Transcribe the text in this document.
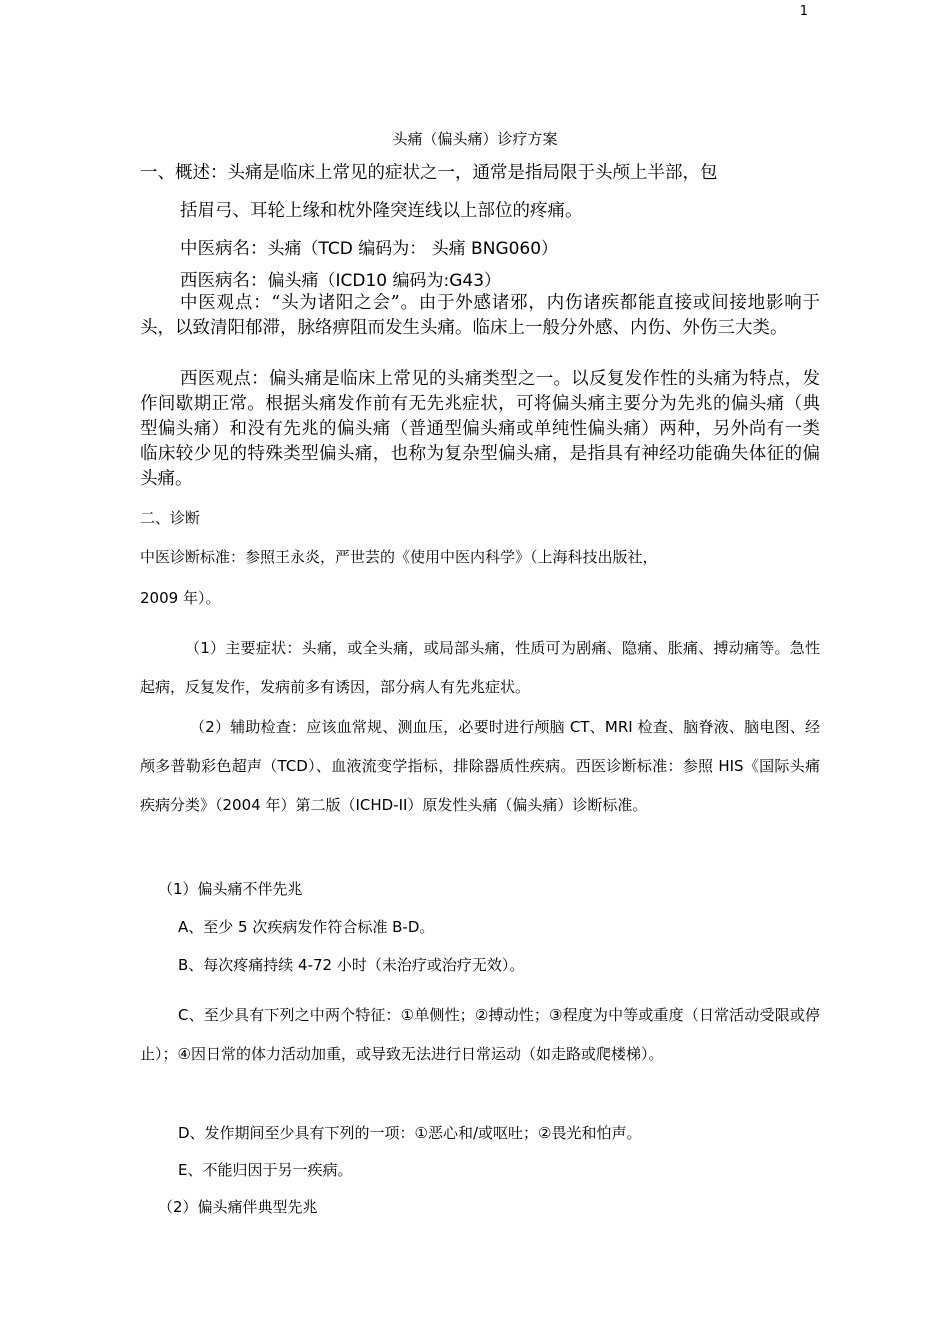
1
头痛（偏头痛）诊疗方案
一、概述：头痛是临床上常见的症状之一，通常是指局限于头颅上半部，包
括眉弓、耳轮上缘和枕外隆突连线以上部位的疼痛。
中医病名：头痛（TCD 编码为： 头痛 BNG060）
西医病名：偏头痛（ICD10 编码为:G43）
中医观点：“头为诸阳之会”。由于外感诸邪，内伤诸疾都能直接或间接地影响于头，以致清阳郁滞，脉络痹阻而发生头痛。临床上一般分外感、内伤、外伤三大类。
西医观点：偏头痛是临床上常见的头痛类型之一。以反复发作性的头痛为特点，发作间歇期正常。根据头痛发作前有无先兆症状，可将偏头痛主要分为先兆的偏头痛（典型偏头痛）和没有先兆的偏头痛（普通型偏头痛或单纯性偏头痛）两种，另外尚有一类临床较少见的特殊类型偏头痛，也称为复杂型偏头痛，是指具有神经功能确失体征的偏头痛。
二、诊断
中医诊断标准：参照王永炎，严世芸的《使用中医内科学》（上海科技出版社，
2009 年）。
（1）主要症状：头痛，或全头痛，或局部头痛，性质可为剧痛、隐痛、胀痛、搏动痛等。急性起病，反复发作，发病前多有诱因，部分病人有先兆症状。
（2）辅助检查：应该血常规、测血压，必要时进行颅脑 CT、MRI 检查、脑脊液、脑电图、经颅多普勒彩色超声（TCD）、血液流变学指标，排除器质性疾病。西医诊断标准：参照 HIS《国际头痛疾病分类》（2004 年）第二版（ICHD-II）原发性头痛（偏头痛）诊断标准。
（1）偏头痛不伴先兆
A、至少 5 次疾病发作符合标准 B-D。
B、每次疼痛持续 4-72 小时（未治疗或治疗无效）。
C、至少具有下列之中两个特征：①单侧性；②搏动性；③程度为中等或重度（日常活动受限或停止）；④因日常的体力活动加重，或导致无法进行日常运动（如走路或爬楼梯）。
D、发作期间至少具有下列的一项：①恶心和/或呕吐；②畏光和怕声。
E、不能归因于另一疾病。
（2）偏头痛伴典型先兆
